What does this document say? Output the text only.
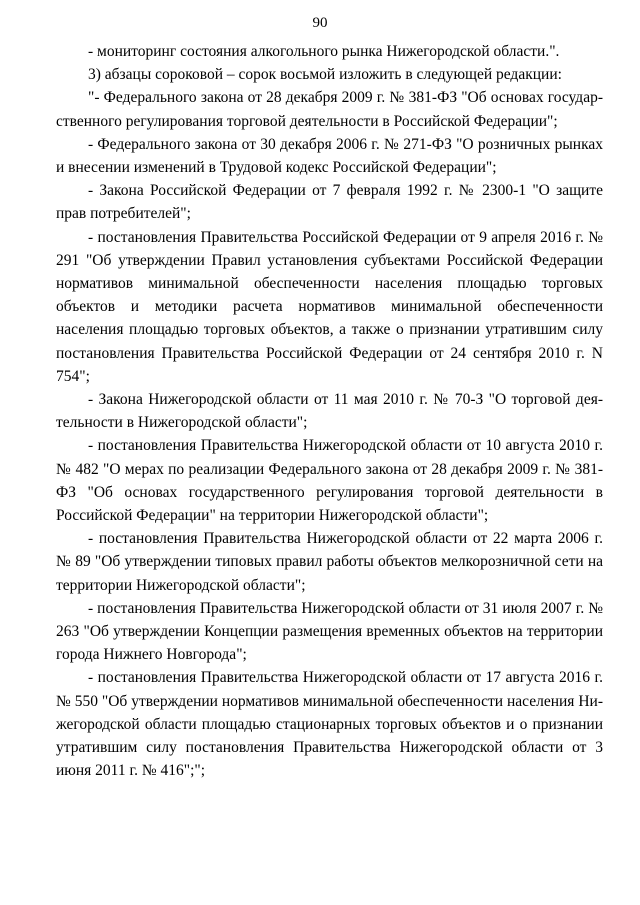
90

- мониторинг состояния алкогольного рынка Нижегородской области.".

3) абзацы сороковой – сорок восьмой изложить в следующей редакции:

"- Федерального закона от 28 декабря 2009 г. № 381-ФЗ "Об основах государственного регулирования торговой деятельности в Российской Федерации";

- Федерального закона от 30 декабря 2006 г. № 271-ФЗ "О розничных рынках и внесении изменений в Трудовой кодекс Российской Федерации";

- Закона Российской Федерации от 7 февраля 1992 г. № 2300-1 "О защите прав потребителей";

- постановления Правительства Российской Федерации от 9 апреля 2016 г. № 291 "Об утверждении Правил установления субъектами Российской Федерации нормативов минимальной обеспеченности населения площадью торговых объектов и методики расчета нормативов минимальной обеспеченности населения площадью торговых объектов, а также о признании утратившим силу постановления Правительства Российской Федерации от 24 сентября 2010 г. N 754";

- Закона Нижегородской области от 11 мая 2010 г. № 70-З "О торговой деятельности в Нижегородской области";

- постановления Правительства Нижегородской области от 10 августа 2010 г. № 482 "О мерах по реализации Федерального закона от 28 декабря 2009 г. № 381-ФЗ "Об основах государственного регулирования торговой деятельности в Российской Федерации" на территории Нижегородской области";

- постановления Правительства Нижегородской области от 22 марта 2006 г. № 89 "Об утверждении типовых правил работы объектов мелкорозничной сети на территории Нижегородской области";

- постановления Правительства Нижегородской области от 31 июля 2007 г. № 263 "Об утверждении Концепции размещения временных объектов на территории города Нижнего Новгорода";

- постановления Правительства Нижегородской области от 17 августа 2016 г. № 550 "Об утверждении нормативов минимальной обеспеченности населения Нижегородской области площадью стационарных торговых объектов и о признании утратившим силу постановления Правительства Нижегородской области от 3 июня 2011 г. № 416";";
